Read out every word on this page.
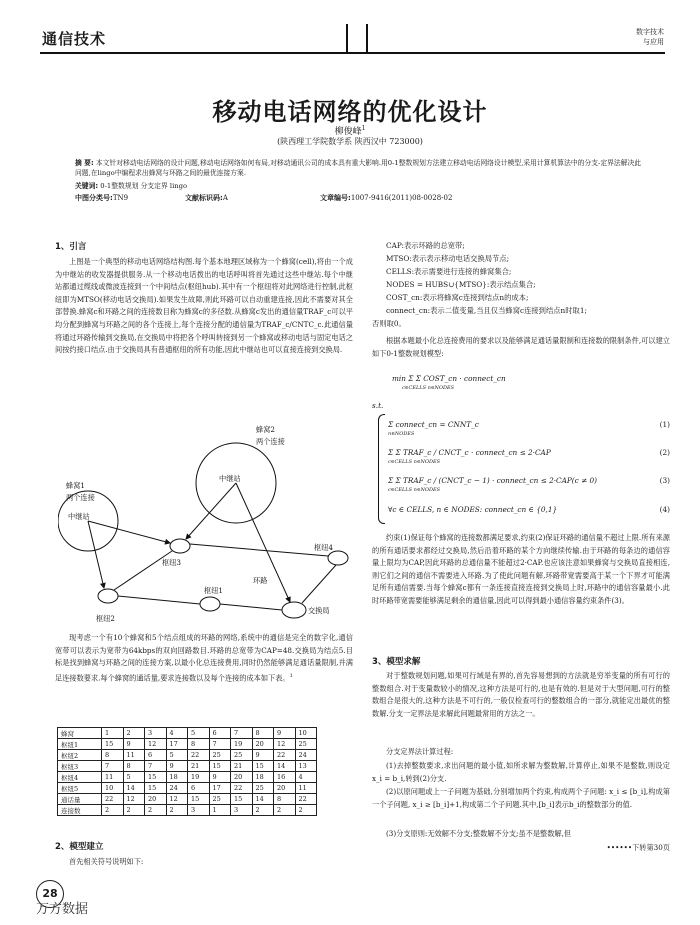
通信技术	数字技术
与应用
移动电话网络的优化设计
柳俊峰$^1$
(陕西理工学院数学系 陕西汉中 723000)
摘 要: 本文针对移动电话网络的设计问题,移动电话网络如何布局,对移动通讯公司的成本具有重大影响.用0-1整数规划方法建立移动电话网络设计模型,采用计算机算法中的分支-定界法解决此问题,在lingo中编程求出蜂窝与环路之间的最优连接方案.
关键词: 0-1整数规划 分支定界 lingo
中图分类号:TN9	文献标识码:A	文章编号:1007-9416(2011)08-0028-02
1、引言
上图是一个典型的移动电话网络结构图.每个基本地理区域称为一个蜂窝(cell),将由一个成为中继站的收发器提供服务.从一个移动电话拨出的电话呼叫将首先通过这些中继站.每个中继站都通过缆线或微波连接到一个中间结点(枢纽hub).其中有一个枢纽将对此网络进行控制,此枢纽即为MTSO(移动电话交换局).如果发生故障,则此环路可以自动重建连接,因此不需要对其全部替换.蜂窝c和环路之间的连接数目称为蜂窝c的多径数.从蜂窝c发出的通信量TRAF_c可以平均分配到蜂窝与环路之间的各个连接上,每个连接分配的通信量为TRAF_c/CNTC_c.此通信量将通过环路传输到交换局,在交换局中将把各个呼叫转接到另一个蜂窝或移动电话与固定电话之间按约接口结点.由于交换局具有普通枢纽的所有功能,因此中继站也可以直接连接到交换局.
蜂窝1
两个连接
蜂窝2
两个连接
中继站
中继站
枢纽3
枢纽4
环路
交换局
枢纽1
枢纽2
现考虑一个有10个蜂窝和5个结点组成的环路的网络,系统中的通信是完全的数字化,通信宽带可以表示为宽带为64kbps的双向回路数目.环路的总宽带为CAP=48.交换局为结点5.目标是找到蜂窝与环路之间的连接方案,以最小化总连接费用,同时仍然能够满足通话量限制,并满足连接数要求.每个蜂窝的通话量,要求连接数以及每个连接的成本如下表。$^1$
蜂窝	1	2	3	4	5	6	7	8	9	10
枢纽1	15	9	12	17	8	7	19	20	12	25
枢纽2	8	11	6	5	22	25	25	9	22	24
枢纽3	7	8	7	9	21	15	21	15	14	13
枢纽4	11	5	15	18	19	9	20	18	16	4
枢纽5	10	14	15	24	6	17	22	25	20	11
通话量	22	12	20	12	15	25	15	14	8	22
连接数	2	2	2	2	3	1	3	2	2	2
2、模型建立
首先相关符号说明如下:
CAP:表示环路的总宽带;
MTSO:表示表示移动电话交换局节点;
CELLS:表示需要进行连接的蜂窝集合;
NODES = HUBS∪{MTSO}:表示结点集合;
COST_cn:表示将蜂窝c连接到结点n的成本;
connect_cn:表示二值变量,当且仅当蜂窝c连接到结点n时取1;
否则取0。
根据本题最小化总连接费用的要求以及能够满足通话量限制和连接数的限制条件,可以建立如下0-1整数规划模型:
min Σ Σ COST_cn · connect_cn
c∈CELLS n∈NODES
s.t.
Σ connect_cn = CNNT_c	(1)
n∈NODES
Σ Σ TRAF_c / CNCT_c · connect_cn ≤ 2·CAP	(2)
c∈CELLS n∈NODES
Σ Σ TRAF_c / (CNCT_c − 1) · connect_cn ≤ 2·CAP(c ≠ 0)	(3)
c∈CELLS n∈NODES
∀c ∈ CELLS, n ∈ NODES: connect_cn ∈ {0,1}	(4)
约束(1)保证每个蜂窝的连接数都满足要求,约束(2)保证环路的通信量不超过上限.所有来源的所有通话要求都经过交换局,然后沿着环路的某个方向继续传输.由于环路的每条边的通信容量上限均为CAP,因此环路的总通信量不能超过2·CAP.也应该注意如果蜂窝与交换局直接相连,则它们之间的通信不需要进入环路.为了使此问题有解,环路带宽需要高于某一个下界才可能满足所有通信需要.当每个蜂窝c都有一条连接直接连接到交换局上时,环路中的通信容量最小.此时环路带宽需要能够满足剩余的通信量,因此可以得到最小通信容量约束条件(3)。
3、模型求解
对于整数规划问题,如果可行域是有界的,首先容易想到的方法就是穷举变量的所有可行的整数组合.对于变量数较小的情况,这种方法是可行的,也是有效的.但是对于大型问题,可行的整数组合是很大的,这种方法是不可行的,一般仅检查可行的整数组合的一部分,就能定出最优的整数解.分支一定界法是求解此问题最常用的方法之一。
分支定界法计算过程:
(1)去掉整数要求,求出问题的最小值,如所求解为整数解,计算停止,如果不是整数,则设定 x_i = b_i,转到(2)分支.
(2)以原问题或上一子问题为基础,分别增加两个约束,构成两个子问题: x_i ≤ [b_i],构成第一个子问题, x_i ≥ [b_i]+1,构成第二个子问题.其中,[b_i]表示b_i的整数部分的值.
(3)分支原则:无效解不分支;整数解不分支;虽不是整数解,但
••••••下转第30页
28
万方数据
